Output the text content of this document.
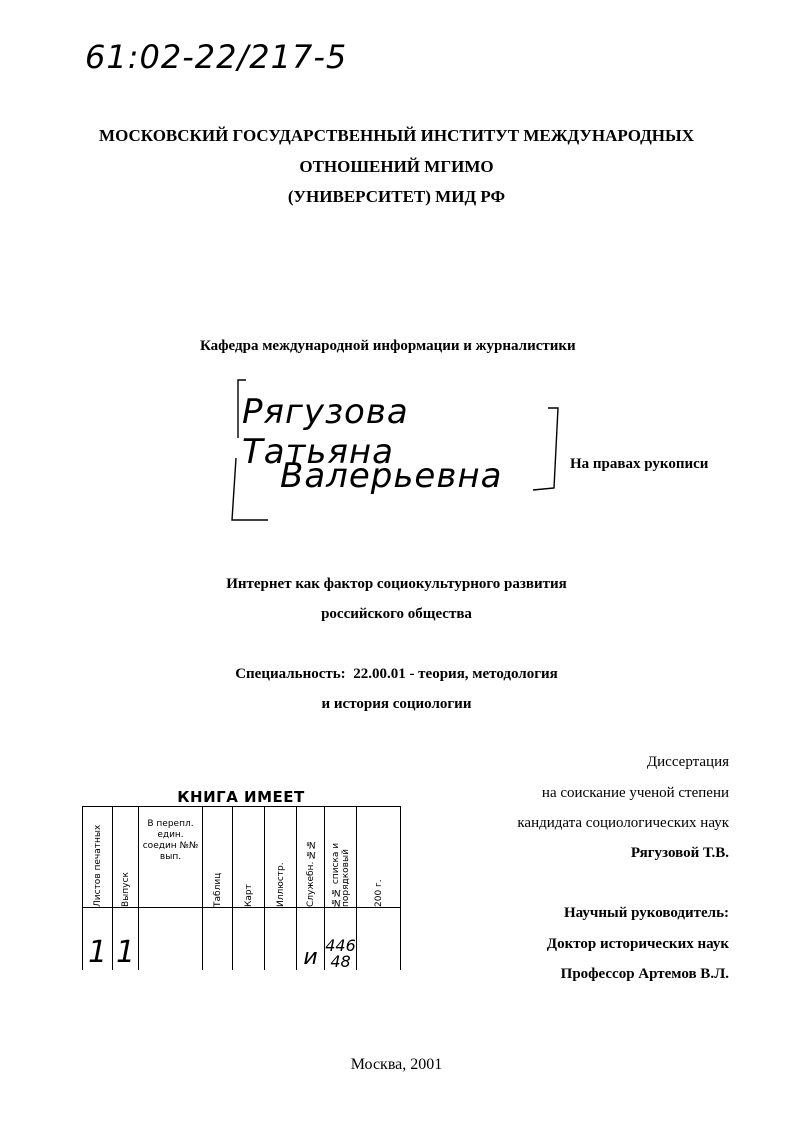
61:02-22/217-5
МОСКОВСКИЙ ГОСУДАРСТВЕННЫЙ ИНСТИТУТ МЕЖДУНАРОДНЫХ
ОТНОШЕНИЙ МГИМО
(УНИВЕРСИТЕТ) МИД РФ
Кафедра международной информации и журналистики
Рягузова Татьяна
Валерьевна	На правах рукописи
Интернет как фактор социокультурного развития
российского общества
Специальность: 22.00.01 - теория, методология
и история социологии
Диссертация
на соискание ученой степени
кандидата социологических наук
Рягузовой Т.В.
Научный руководитель:
Доктор исторических наук
Профессор Артемов В.Л.
КНИГА ИМЕЕТ
Листов печатных	Выпуск	В перепл. един. соедин №№ вып.	Таблиц	Карт	Иллюстр.	Служебн. №№	№№ списка и порядковый	200 г.

1	1					и	446 48	

Москва, 2001
